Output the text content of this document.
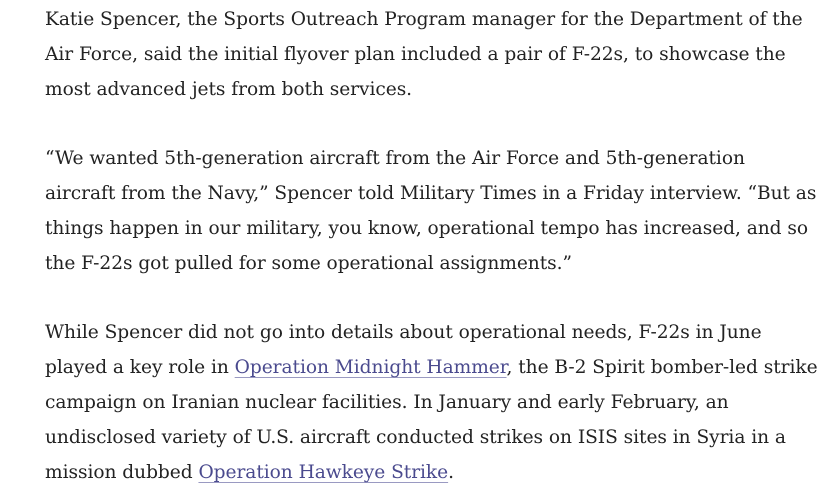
Katie Spencer, the Sports Outreach Program manager for the Department of the Air Force, said the initial flyover plan included a pair of F-22s, to showcase the most advanced jets from both services.

“We wanted 5th-generation aircraft from the Air Force and 5th-generation aircraft from the Navy,” Spencer told Military Times in a Friday interview. “But as things happen in our military, you know, operational tempo has increased, and so the F-22s got pulled for some operational assignments.”

While Spencer did not go into details about operational needs, F-22s in June played a key role in Operation Midnight Hammer, the B-2 Spirit bomber-led strike campaign on Iranian nuclear facilities. In January and early February, an undisclosed variety of U.S. aircraft conducted strikes on ISIS sites in Syria in a mission dubbed Operation Hawkeye Strike.
